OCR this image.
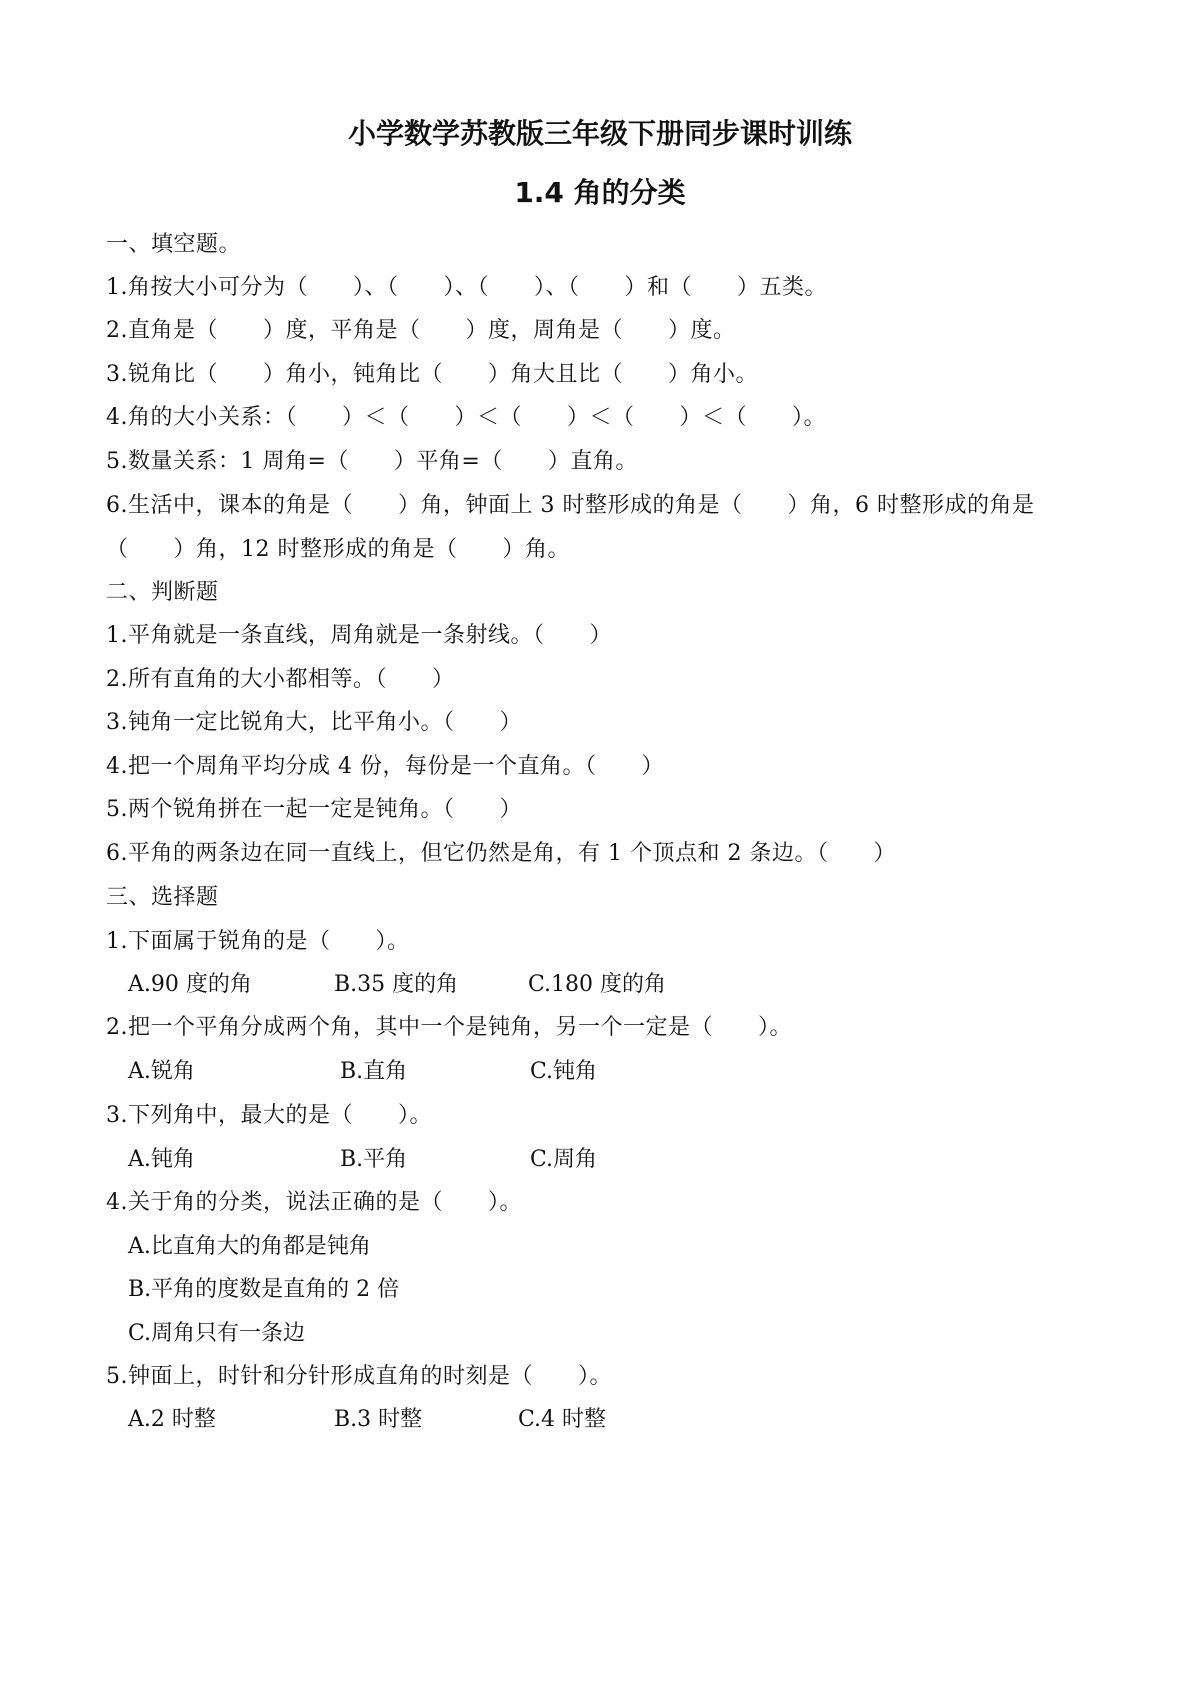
小学数学苏教版三年级下册同步课时训练
1.4 角的分类
一、填空题。
1.角按大小可分为（　　）、（　　）、（　　）、（　　）和（　　）五类。
2.直角是（　　）度，平角是（　　）度，周角是（　　）度。
3.锐角比（　　）角小，钝角比（　　）角大且比（　　）角小。
4.角的大小关系：（　　）＜（　　）＜（　　）＜（　　）＜（　　）。
5.数量关系：1 周角=（　　）平角=（　　）直角。
6.生活中，课本的角是（　　）角，钟面上 3 时整形成的角是（　　）角，6 时整形成的角是
（　　）角，12 时整形成的角是（　　）角。
二、判断题
1.平角就是一条直线，周角就是一条射线。（　　）
2.所有直角的大小都相等。（　　）
3.钝角一定比锐角大，比平角小。（　　）
4.把一个周角平均分成 4 份，每份是一个直角。（　　）
5.两个锐角拼在一起一定是钝角。（　　）
6.平角的两条边在同一直线上，但它仍然是角，有 1 个顶点和 2 条边。（　　）
三、选择题
1.下面属于锐角的是（　　）。
A.90 度的角	B.35 度的角	C.180 度的角
2.把一个平角分成两个角，其中一个是钝角，另一个一定是（　　）。
A.锐角	B.直角	C.钝角
3.下列角中，最大的是（　　）。
A.钝角	B.平角	C.周角
4.关于角的分类，说法正确的是（　　）。
A.比直角大的角都是钝角
B.平角的度数是直角的 2 倍
C.周角只有一条边
5.钟面上，时针和分针形成直角的时刻是（　　）。
A.2 时整	B.3 时整	C.4 时整
